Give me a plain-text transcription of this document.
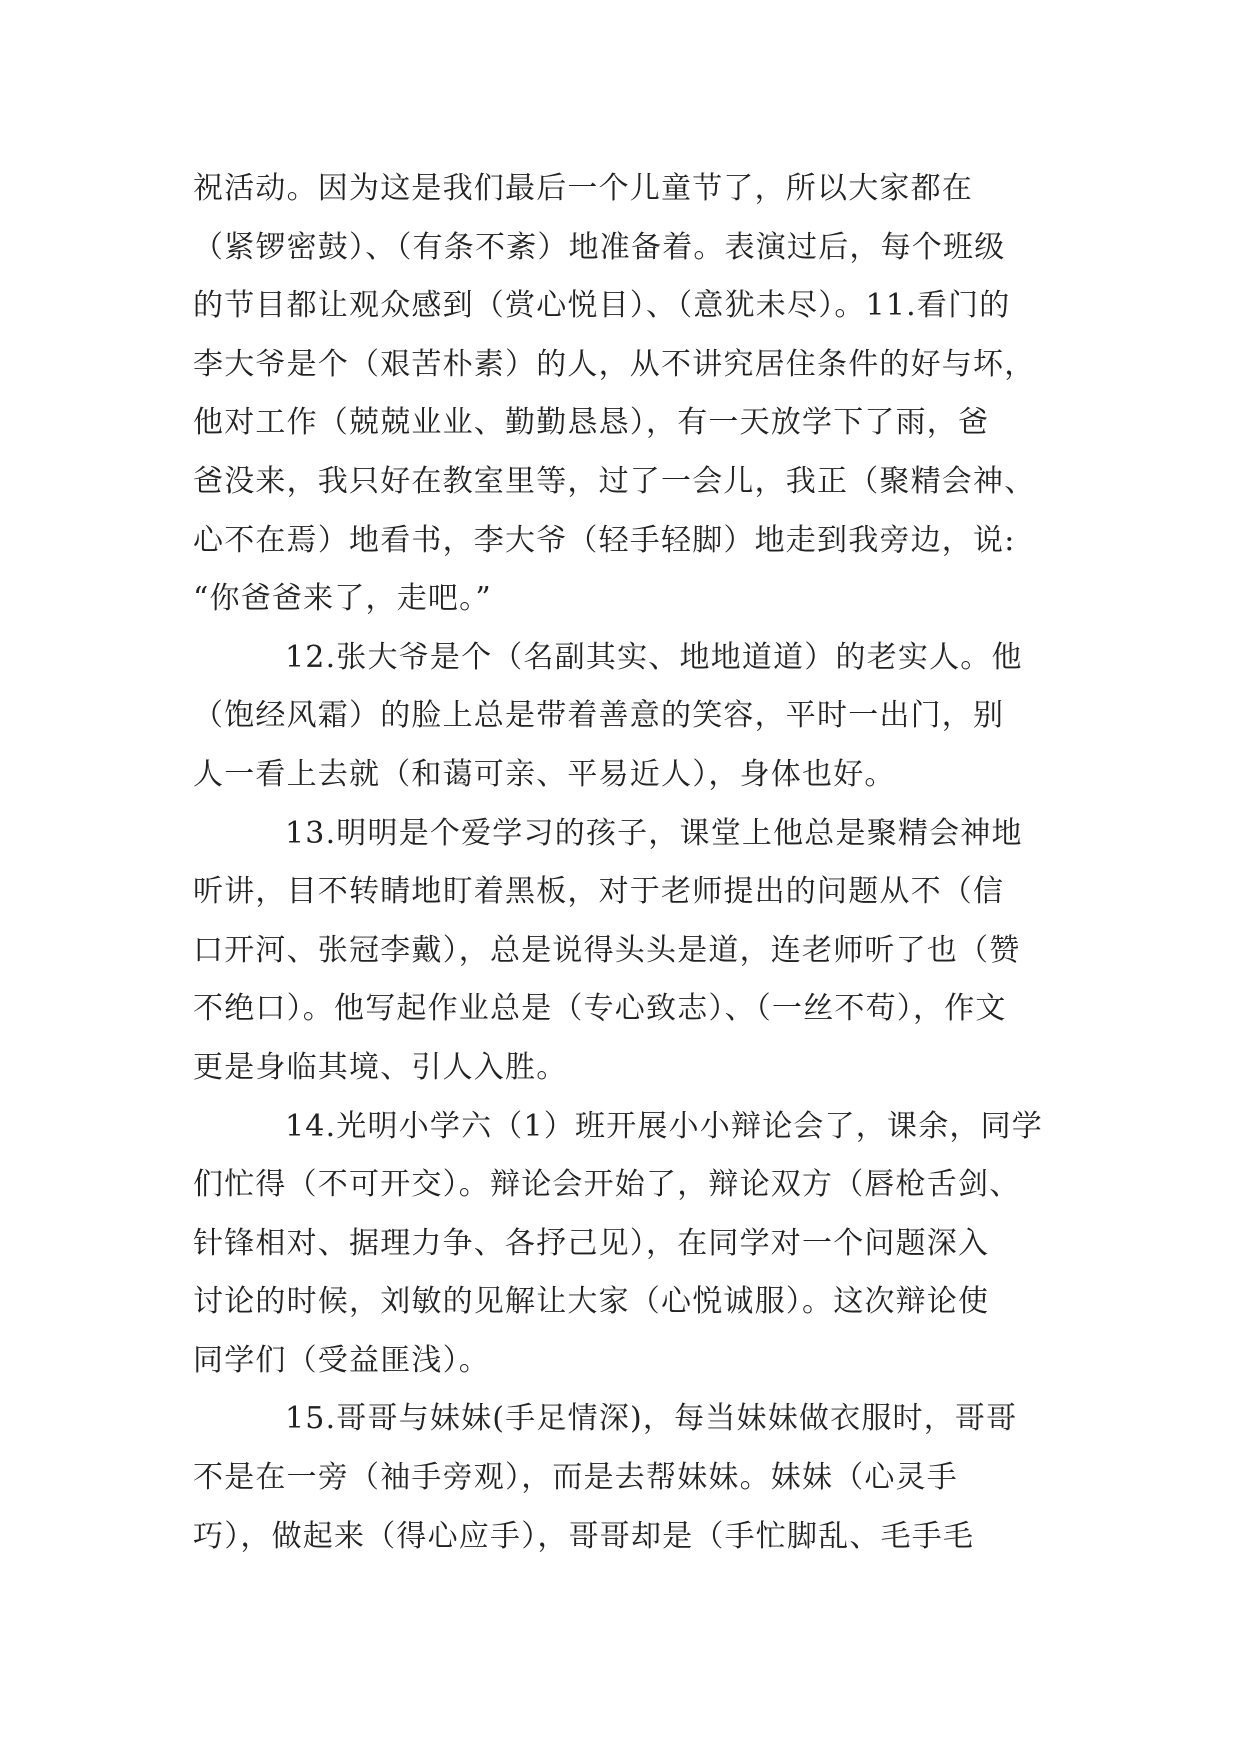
祝活动。因为这是我们最后一个儿童节了，所以大家都在
（紧锣密鼓）、（有条不紊）地准备着。表演过后，每个班级
的节目都让观众感到（赏心悦目）、（意犹未尽）。11.看门的
李大爷是个（艰苦朴素）的人，从不讲究居住条件的好与坏，
他对工作（兢兢业业、勤勤恳恳），有一天放学下了雨，爸
爸没来，我只好在教室里等，过了一会儿，我正（聚精会神、
心不在焉）地看书，李大爷（轻手轻脚）地走到我旁边，说:
“你爸爸来了，走吧。”
12.张大爷是个（名副其实、地地道道）的老实人。他
（饱经风霜）的脸上总是带着善意的笑容，平时一出门，别
人一看上去就（和蔼可亲、平易近人），身体也好。
13.明明是个爱学习的孩子，课堂上他总是聚精会神地
听讲，目不转睛地盯着黑板，对于老师提出的问题从不（信
口开河、张冠李戴），总是说得头头是道，连老师听了也（赞
不绝口）。他写起作业总是（专心致志）、（一丝不苟），作文
更是身临其境、引人入胜。
14.光明小学六（1）班开展小小辩论会了，课余，同学
们忙得（不可开交）。辩论会开始了，辩论双方（唇枪舌剑、
针锋相对、据理力争、各抒己见），在同学对一个问题深入
讨论的时候，刘敏的见解让大家（心悦诚服）。这次辩论使
同学们（受益匪浅）。
15.哥哥与妹妹(手足情深)，每当妹妹做衣服时，哥哥
不是在一旁（袖手旁观），而是去帮妹妹。妹妹（心灵手
巧），做起来（得心应手），哥哥却是（手忙脚乱、毛手毛
